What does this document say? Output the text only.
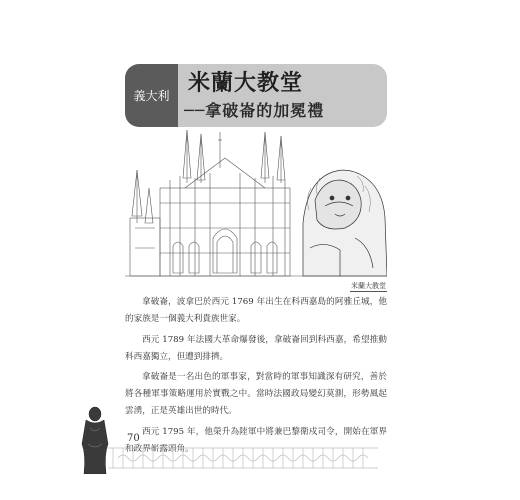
義大利 米蘭大教堂
──拿破崙的加冕禮
米蘭大教堂

拿破崙，波拿巴於西元 1769 年出生在科西嘉島的阿雅丘城，他的家族是一個義大利貴族世家。

西元 1789 年法國大革命爆發後，拿破崙回到科西嘉，希望推動科西嘉獨立，但遭到排擠。

拿破崙是一名出色的軍事家，對當時的軍事知識深有研究，善於將各種軍事策略運用於實戰之中。當時法國政局變幻莫測，形勢風起雲湧，正是英雄出世的時代。

西元 1795 年，他榮升為陸軍中將兼巴黎衛戍司令，開始在軍界和政界嶄露頭角。

70
